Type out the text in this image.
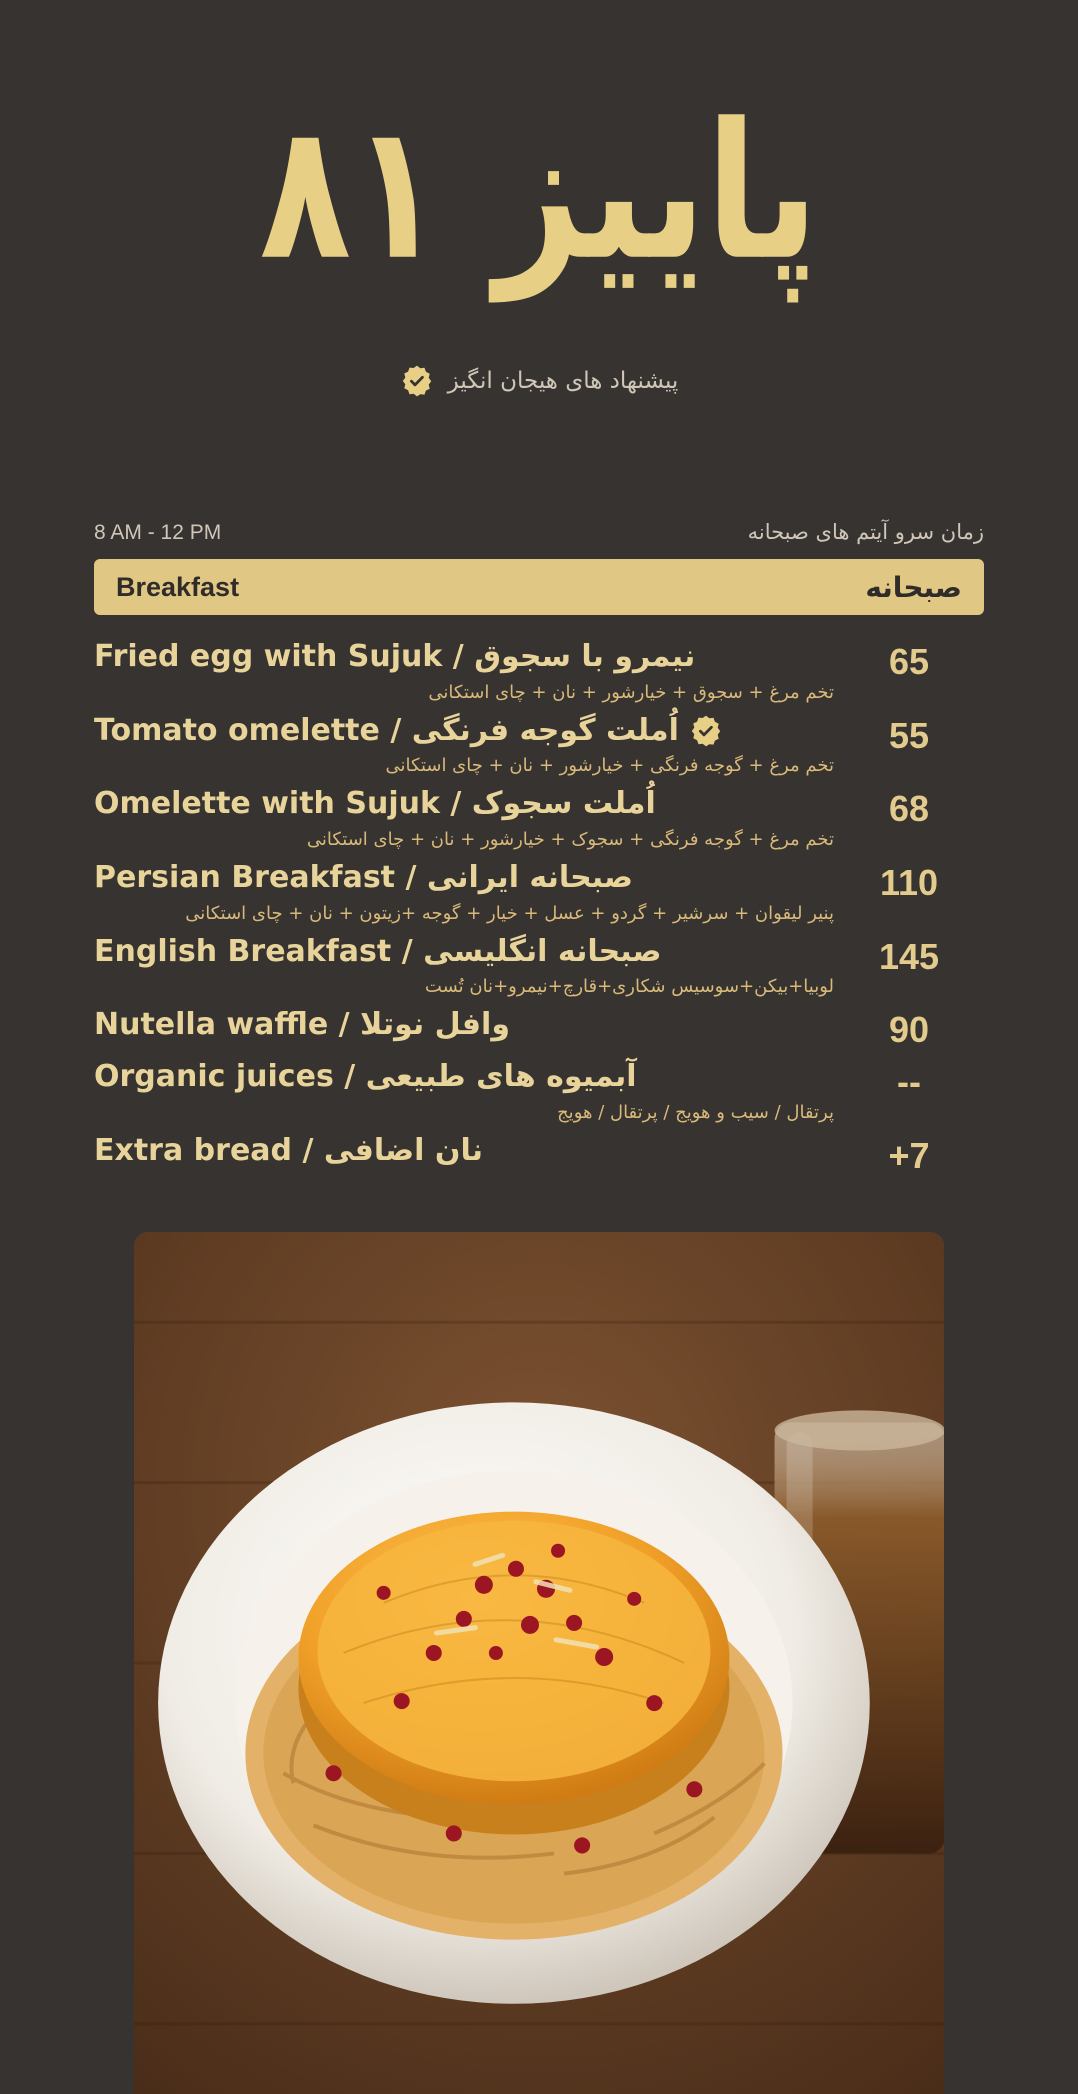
پاییز ۸۱
پیشنهاد های هیجان انگیز
زمان سرو آیتم های صبحانه
8 AM - 12 PM
صبحانه
Breakfast
65
نیمرو با سجوق / Fried egg with Sujuk
تخم مرغ + سجوق + خیارشور + نان + چای استکانی
55
اُملت گوجه فرنگی / Tomato omelette
تخم مرغ + گوجه فرنگی + خیارشور + نان + چای استکانی
68
اُملت سجوک / Omelette with Sujuk
تخم مرغ + گوجه فرنگی + سجوک + خیارشور + نان + چای استکانی
110
صبحانه ایرانی / Persian Breakfast
پنیر لیقوان + سرشیر + گردو + عسل + خیار + گوجه +زیتون + نان + چای استکانی
145
صبحانه انگلیسی / English Breakfast
لوبیا+بیکن+سوسیس شکاری+قارچ+نیمرو+نان تُست
90
وافل نوتلا / Nutella waffle
--
آبمیوه های طبیعی / Organic juices
پرتقال / سیب و هویج / پرتقال / هویج
+7
نان اضافی / Extra bread
